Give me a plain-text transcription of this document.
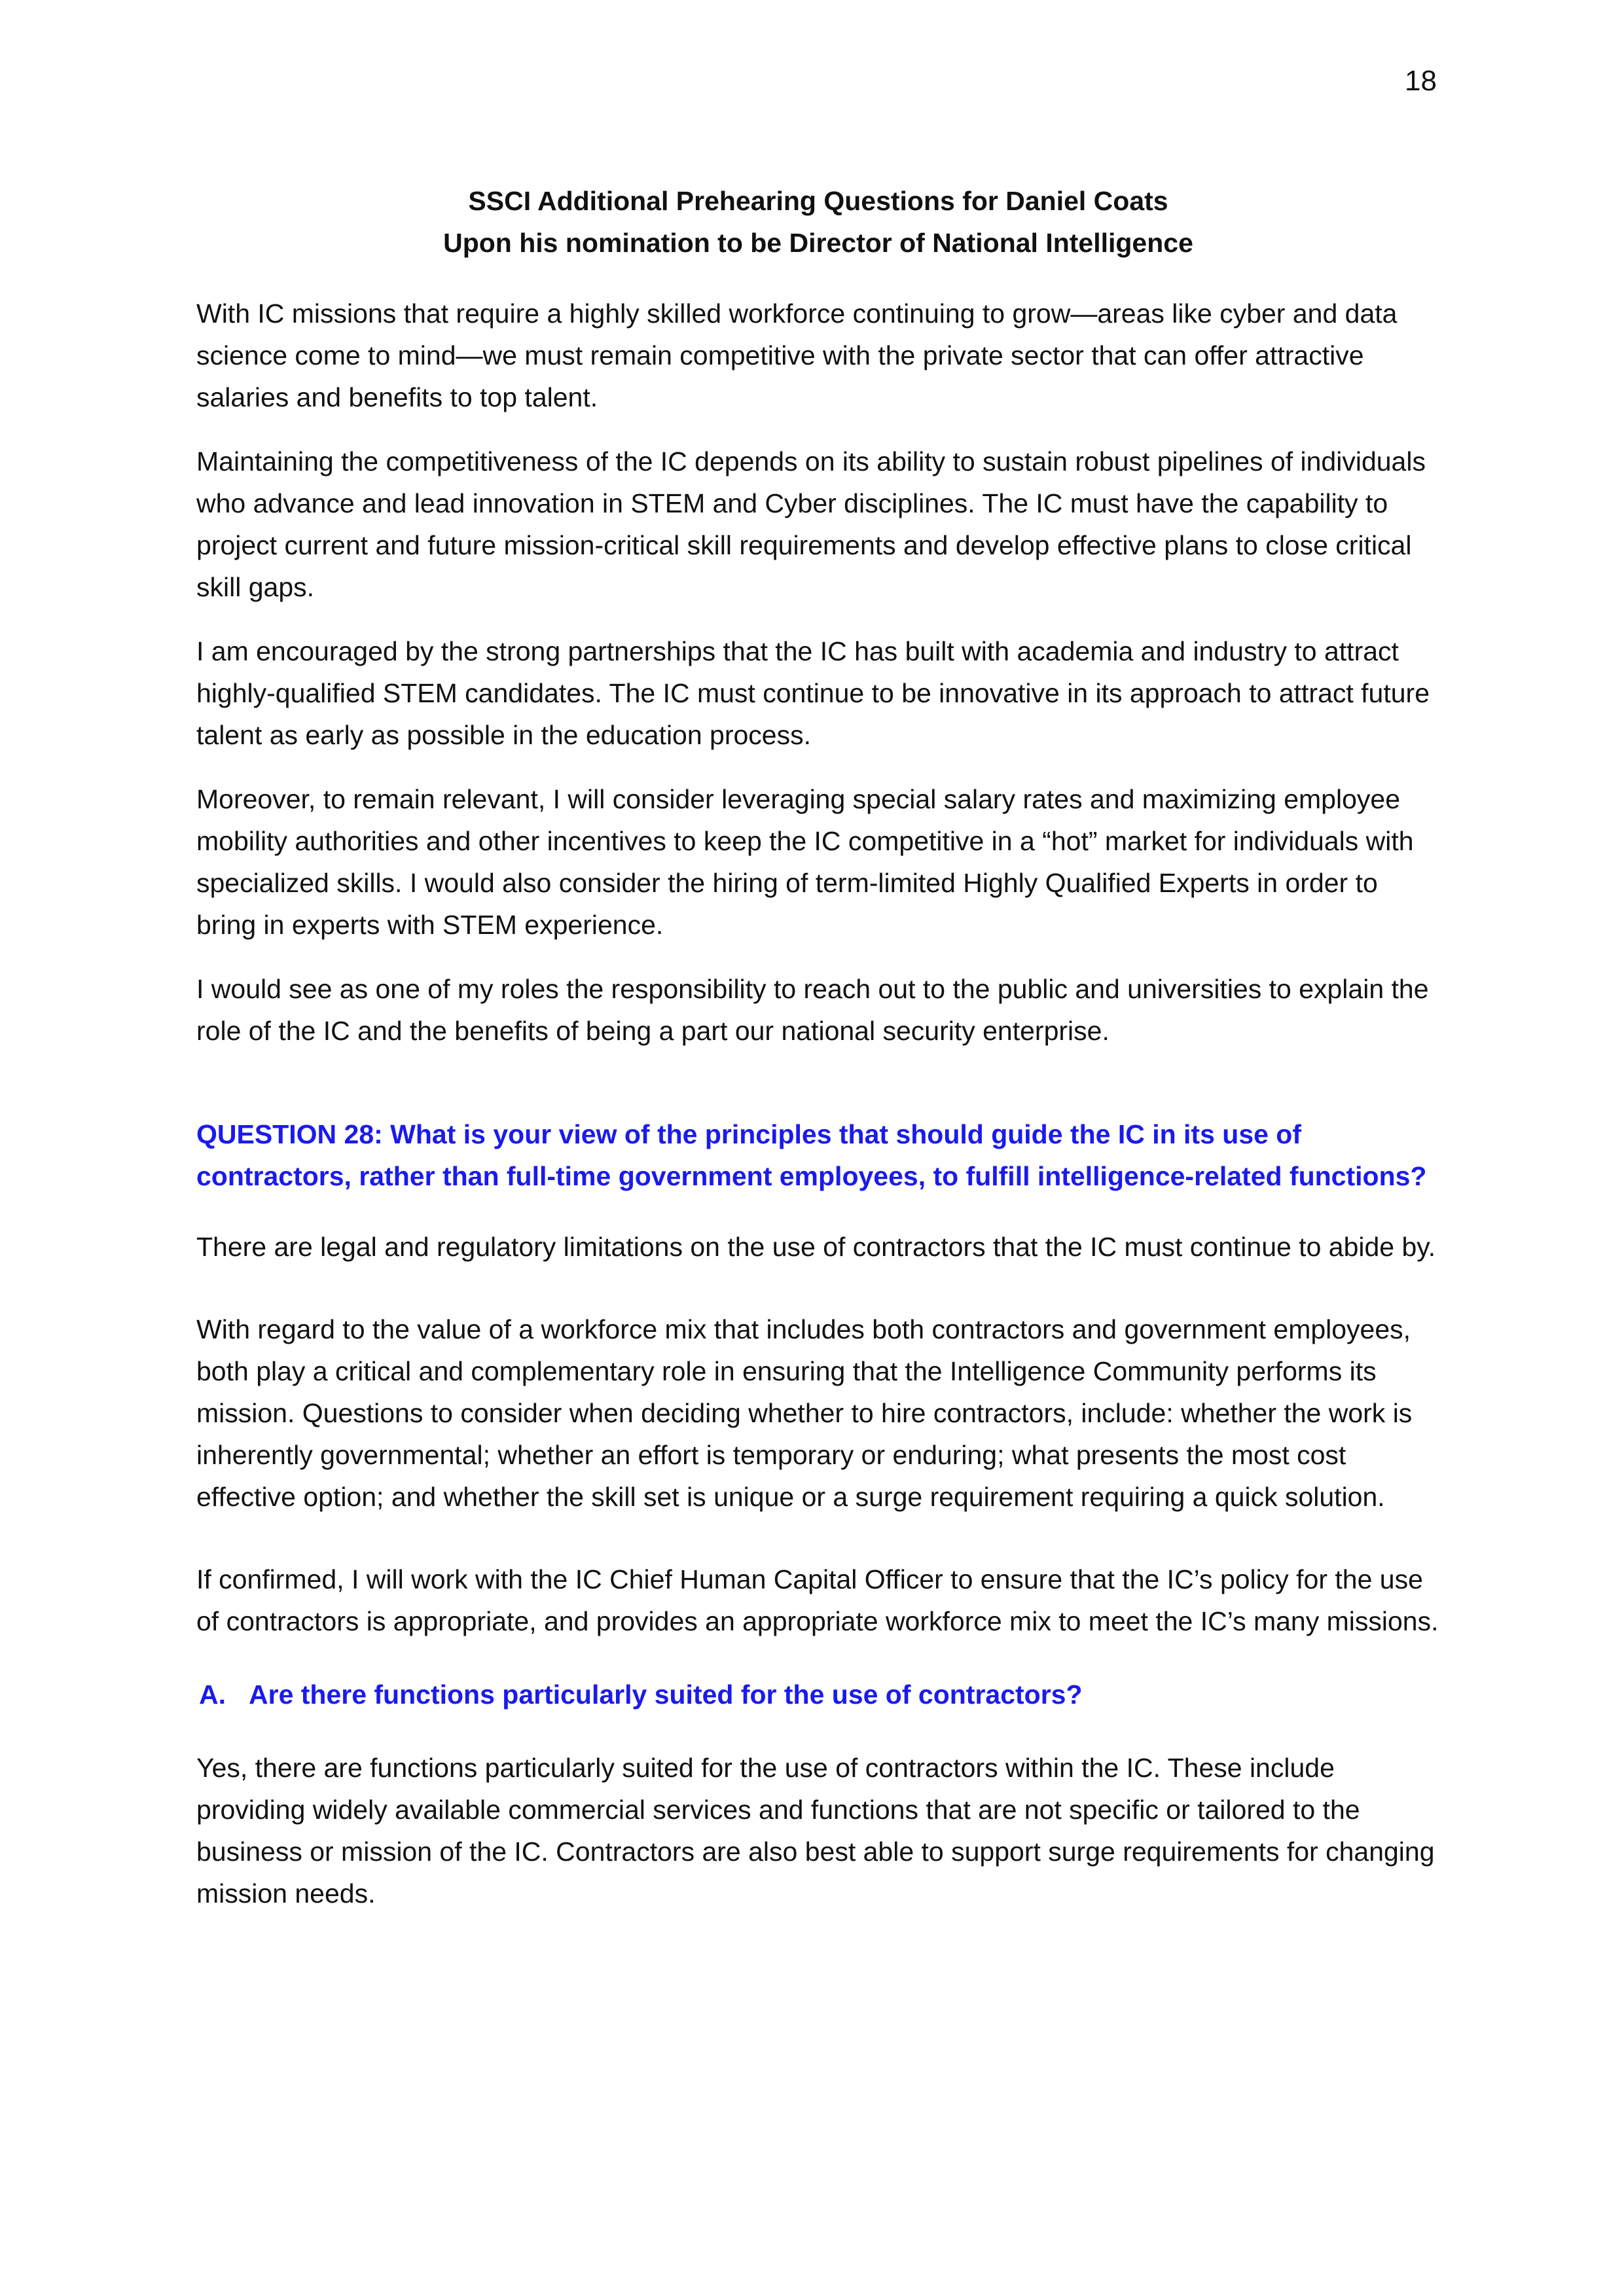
18

SSCI Additional Prehearing Questions for Daniel Coats

Upon his nomination to be Director of National Intelligence

With IC missions that require a highly skilled workforce continuing to grow—areas like cyber and data science come to mind—we must remain competitive with the private sector that can offer attractive salaries and benefits to top talent.

Maintaining the competitiveness of the IC depends on its ability to sustain robust pipelines of individuals who advance and lead innovation in STEM and Cyber disciplines. The IC must have the capability to project current and future mission-critical skill requirements and develop effective plans to close critical skill gaps.

I am encouraged by the strong partnerships that the IC has built with academia and industry to attract highly-qualified STEM candidates. The IC must continue to be innovative in its approach to attract future talent as early as possible in the education process.

Moreover, to remain relevant, I will consider leveraging special salary rates and maximizing employee mobility authorities and other incentives to keep the IC competitive in a “hot” market for individuals with specialized skills. I would also consider the hiring of term-limited Highly Qualified Experts in order to bring in experts with STEM experience.

I would see as one of my roles the responsibility to reach out to the public and universities to explain the role of the IC and the benefits of being a part our national security enterprise.

QUESTION 28: What is your view of the principles that should guide the IC in its use of contractors, rather than full-time government employees, to fulfill intelligence-related functions?

There are legal and regulatory limitations on the use of contractors that the IC must continue to abide by.

With regard to the value of a workforce mix that includes both contractors and government employees, both play a critical and complementary role in ensuring that the Intelligence Community performs its mission. Questions to consider when deciding whether to hire contractors, include: whether the work is inherently governmental; whether an effort is temporary or enduring; what presents the most cost effective option; and whether the skill set is unique or a surge requirement requiring a quick solution.

If confirmed, I will work with the IC Chief Human Capital Officer to ensure that the IC’s policy for the use of contractors is appropriate, and provides an appropriate workforce mix to meet the IC’s many missions.

A. Are there functions particularly suited for the use of contractors?

Yes, there are functions particularly suited for the use of contractors within the IC. These include providing widely available commercial services and functions that are not specific or tailored to the business or mission of the IC. Contractors are also best able to support surge requirements for changing mission needs.
